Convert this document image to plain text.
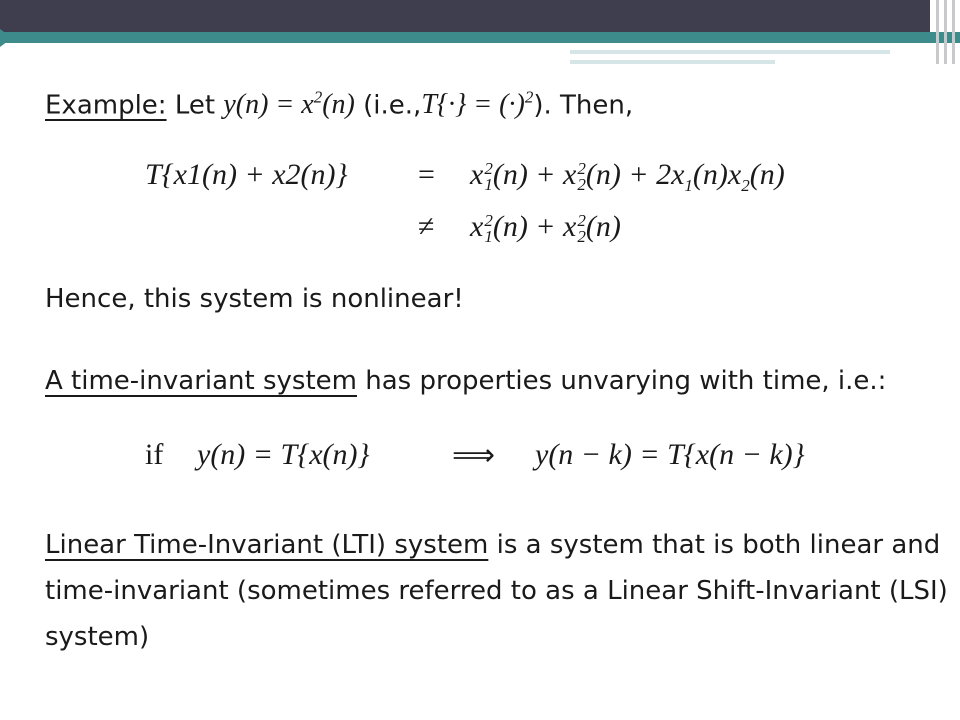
Example: Let $y(n) = x^2(n) (i.e.,T\{\cdot\} = (\cdot)^2)$. Then,
T{x1(n) + x2(n)} = x 2
1 (n) + x 2
2 $(n) + 2x_1(n)x_2(n)$
≠ x 2
1 (n) + x 2
2 (n)
Hence, this system is nonlinear!
A time-invariant system has properties unvarying with time, i.e.:
if y(n) = T{x(n)}	⟹ y(n − k) = T{x(n − k)}
Linear Time-Invariant (LTI) system is a system that is both linear and
time-invariant (sometimes referred to as a Linear Shift-Invariant (LSI)
system)
